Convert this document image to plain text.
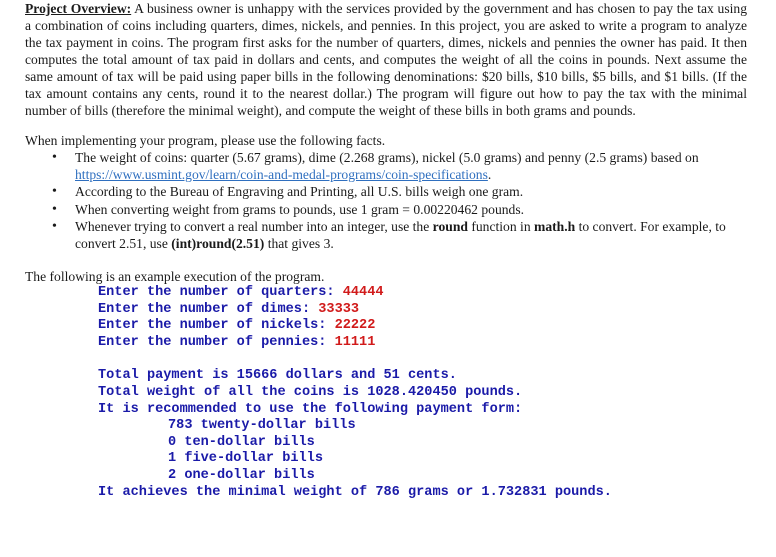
Project Overview: A business owner is unhappy with the services provided by the government and has chosen to pay the tax using a combination of coins including quarters, dimes, nickels, and pennies. In this project, you are asked to write a program to analyze the tax payment in coins. The program first asks for the number of quarters, dimes, nickels and pennies the owner has paid. It then computes the total amount of tax paid in dollars and cents, and computes the weight of all the coins in pounds. Next assume the same amount of tax will be paid using paper bills in the following denominations: $20 bills, $10 bills, $5 bills, and $1 bills. (If the tax amount contains any cents, round it to the nearest dollar.) The program will figure out how to pay the tax with the minimal number of bills (therefore the minimal weight), and compute the weight of these bills in both grams and pounds.

When implementing your program, please use the following facts.

• The weight of coins: quarter (5.67 grams), dime (2.268 grams), nickel (5.0 grams) and penny (2.5 grams) based on https://www.usmint.gov/learn/coin-and-medal-programs/coin-specifications.
• According to the Bureau of Engraving and Printing, all U.S. bills weigh one gram.
• When converting weight from grams to pounds, use 1 gram = 0.00220462 pounds.
• Whenever trying to convert a real number into an integer, use the round function in math.h to convert. For example, to convert 2.51, use (int)round(2.51) that gives 3.

The following is an example execution of the program.

Enter the number of quarters: 44444
Enter the number of dimes: 33333
Enter the number of nickels: 22222
Enter the number of pennies: 11111
Total payment is 15666 dollars and 51 cents.
Total weight of all the coins is 1028.420450 pounds.
It is recommended to use the following payment form:
783 twenty-dollar bills
0 ten-dollar bills
1 five-dollar bills
2 one-dollar bills
It achieves the minimal weight of 786 grams or 1.732831 pounds.
